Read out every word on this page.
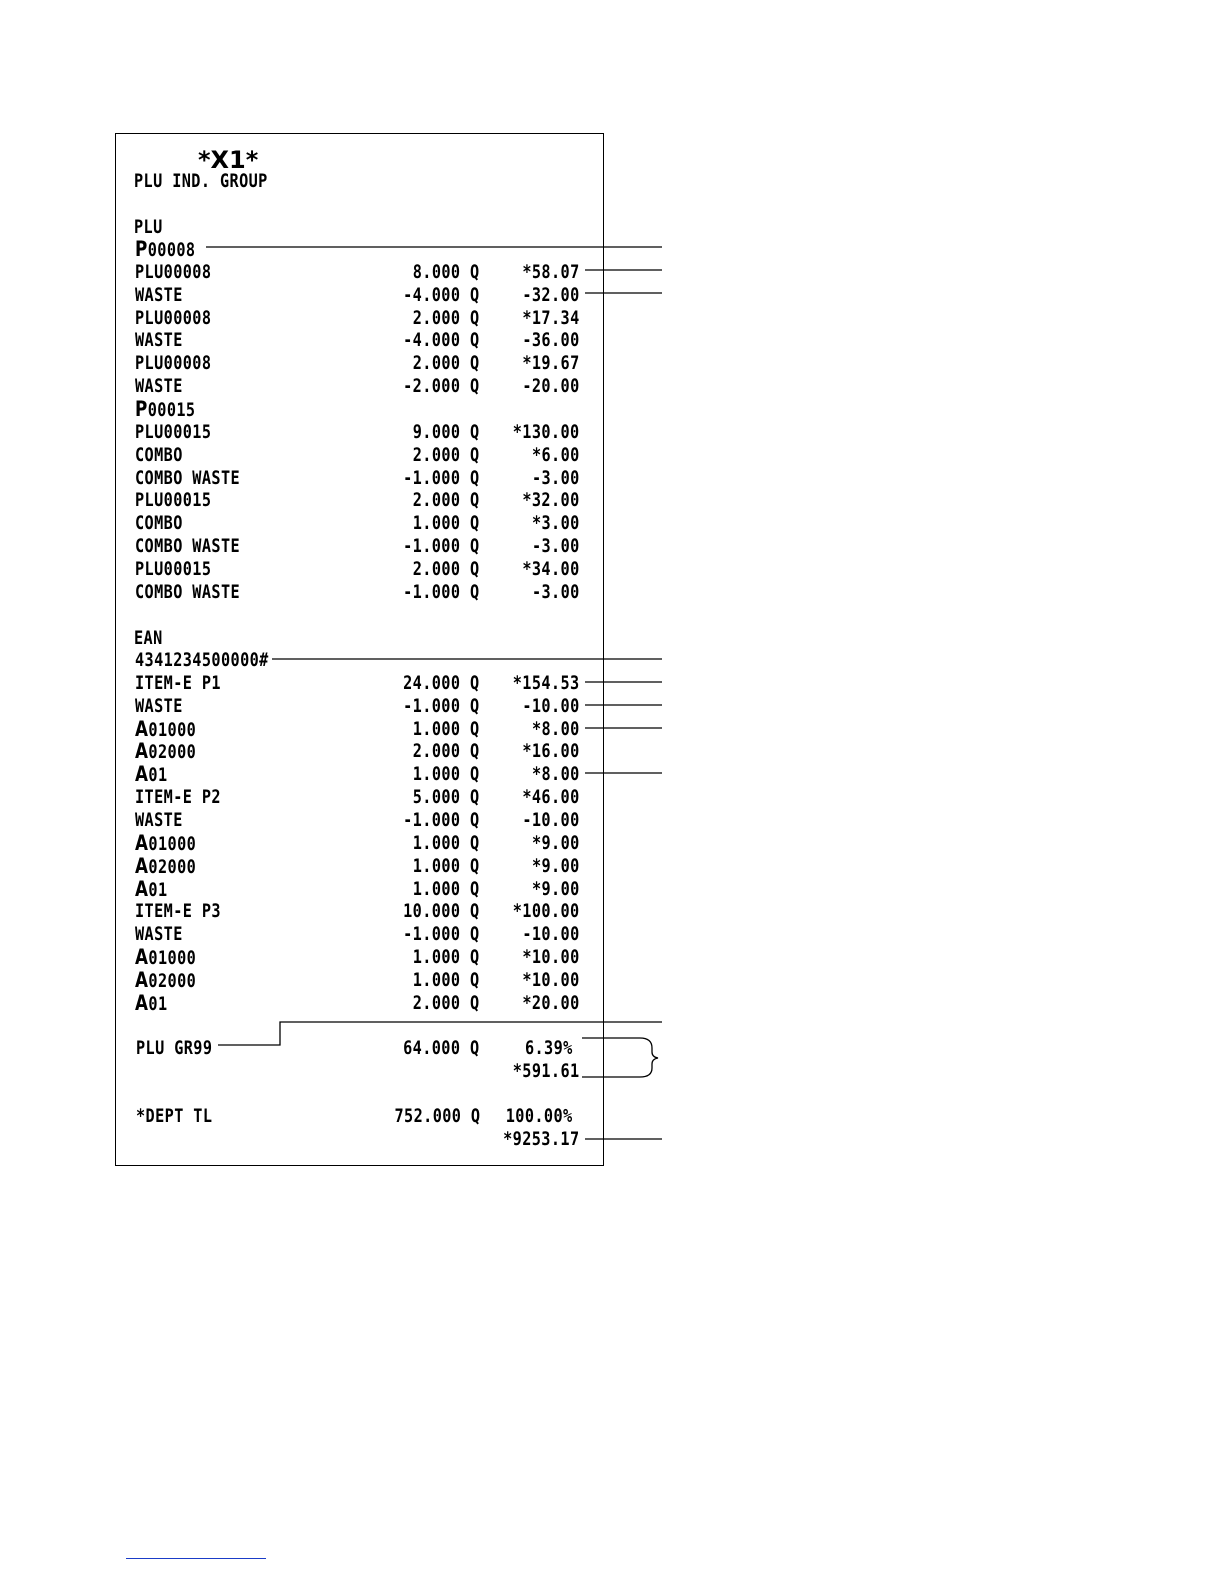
*X1*
PLU IND. GROUP
PLU
P00008
PLU00008	8.000 Q	*58.07
WASTE	-4.000 Q	-32.00
PLU00008	2.000 Q	*17.34
WASTE	-4.000 Q	-36.00
PLU00008	2.000 Q	*19.67
WASTE	-2.000 Q	-20.00
P00015
PLU00015	9.000 Q	*130.00
COMBO	2.000 Q	*6.00
COMBO WASTE	-1.000 Q	-3.00
PLU00015	2.000 Q	*32.00
COMBO	1.000 Q	*3.00
COMBO WASTE	-1.000 Q	-3.00
PLU00015	2.000 Q	*34.00
COMBO WASTE	-1.000 Q	-3.00
EAN
4341234500000#
ITEM-E P1	24.000 Q	*154.53
WASTE	-1.000 Q	-10.00
A01000	1.000 Q	*8.00
A02000	2.000 Q	*16.00
A01	1.000 Q	*8.00
ITEM-E P2	5.000 Q	*46.00
WASTE	-1.000 Q	-10.00
A01000	1.000 Q	*9.00
A02000	1.000 Q	*9.00
A01	1.000 Q	*9.00
ITEM-E P3	10.000 Q	*100.00
WASTE	-1.000 Q	-10.00
A01000	1.000 Q	*10.00
A02000	1.000 Q	*10.00
A01	2.000 Q	*20.00
PLU GR99	64.000 Q	6.39%
*591.61
*DEPT TL	752.000 Q	100.00%
*9253.17
